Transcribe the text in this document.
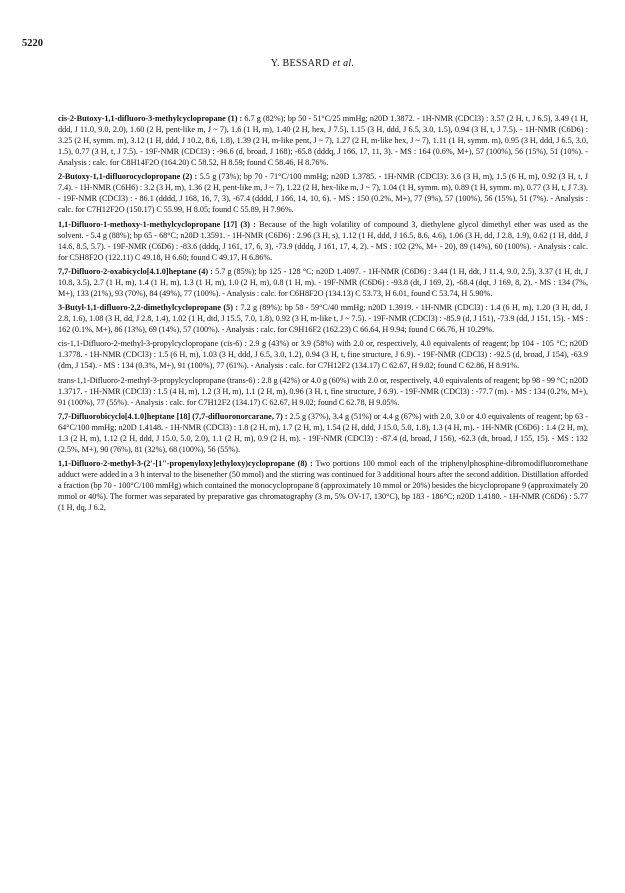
5220
Y. BESSARD et al.

cis-2-Butoxy-1,1-difluoro-3-methylcyclopropane (1) : 6.7 g (82%); bp 50 - 51°C/25 mmHg; n20D 1.3872. - 1H-NMR (CDCl3) : 3.57 (2 H, t, J 6.5), 3.49 (1 H, ddd, J 11.0, 9.0, 2.0), 1.60 (2 H, pent-like m, J ~ 7), 1.6 (1 H, m), 1.40 (2 H, hex, J 7.5), 1.15 (3 H, ddd, J 6.5, 3.0, 1.5), 0.94 (3 H, t, J 7.5). - 1H-NMR (C6D6) : 3.25 (2 H, symm. m), 3.12 (1 H, ddd, J 10.2, 8.6, 1.8), 1.39 (2 H, m-like pent, J ~ 7), 1.27 (2 H, m-like hex, J ~ 7), 1.11 (1 H, symm. m), 0.95 (3 H, ddd, J 6.5, 3.0, 1.5), 0.77 (3 H, t, J 7.5). - 19F-NMR (CDCl3) : -96.6 (d, broad, J 168); -65.8 (dddq, J 166, 17, 11, 3). - MS : 164 (0.6%, M+), 57 (100%), 56 (15%), 51 (10%). - Analysis : calc. for C8H14F2O (164.20) C 58.52, H 8.59; found C 58.46, H 8.76%.

2-Butoxy-1,1-difluorocyclopropane (2) : 5.5 g (73%); bp 70 - 71°C/100 mmHg; n20D 1.3785. - 1H-NMR (CDCl3): 3.6 (3 H, m), 1.5 (6 H, m), 0.92 (3 H, t, J 7.4). - 1H-NMR (C6H6) : 3.2 (3 H, m), 1.36 (2 H, pent-like m, J ~ 7), 1.22 (2 H, hex-like m, J ~ 7), 1.04 (1 H, symm. m), 0.89 (1 H, symm. m), 0.77 (3 H, t, J 7.3). - 19F-NMR (CDCl3) : - 86.1 (dddd, J 168, 16, 7, 3), -67.4 (dddd, J 166, 14, 10, 6). - MS : 150 (0.2%, M+), 77 (9%), 57 (100%), 56 (15%), 51 (7%). - Analysis : calc. for C7H12F2O (150.17) C 55.99, H 8.05; found C 55.89, H 7.96%.

1,1-Difluoro-1-methoxy-1-methylcyclopropane [17] (3) : Because of the high volatility of compound 3, diethylene glycol dimethyl ether was used as the solvent. - 5.4 g (88%); bp 65 - 68°C; n20D 1.3591. - 1H-NMR (C6D6) : 2.96 (3 H, s), 1.12 (1 H, ddd, J 16.5, 8.6, 4.6), 1.06 (3 H, dd, J 2.8, 1.9), 0.62 (1 H, ddd, J 14.6, 8.5, 5.7). - 19F-NMR (C6D6) : -83.6 (dddq, J 161, 17, 6, 3), -73.9 (dddq, J 161, 17, 4, 2). - MS : 102 (2%, M+ - 20), 89 (14%), 60 (100%). - Analysis : calc. for C5H8F2O (122.11) C 49.18, H 6.60; found C 49.17, H 6.86%.

7,7-Difluoro-2-oxabicyclo[4.1.0]heptane (4) : 5.7 g (85%); bp 125 - 128 °C; n20D 1.4097. - 1H-NMR (C6D6) : 3.44 (1 H, ddt, J 11.4, 9.0, 2.5), 3.37 (1 H, dt, J 10.8, 3.5), 2.7 (1 H, m), 1.4 (1 H, m), 1.3 (1 H, m), 1.0 (2 H, m), 0.8 (1 H, m). - 19F-NMR (C6D6) : -93.8 (dt, J 169, 2), -68.4 (dqt, J 169, 8, 2). - MS : 134 (7%, M+), 133 (21%), 93 (70%), 84 (49%), 77 (100%). - Analysis : calc. for C6H8F2O (134.13) C 53.73, H 6.01, found C 53.74, H 5.90%.

3-Butyl-1,1-difluoro-2,2-dimethylcyclopropane (5) : 7.2 g (89%); bp 58 - 59°C/40 mmHg; n20D 1.3919. - 1H-NMR (CDCl3) : 1.4 (6 H, m), 1.20 (3 H, dd, J 2.8, 1.6), 1.08 (3 H, dd, J 2.8, 1.4), 1.02 (1 H, dtd, J 15.5, 7.0, 1.8), 0.92 (3 H, m-like t, J ~ 7.5). - 19F-NMR (CDCl3) : -85.9 (d, J 151), -73.9 (dd, J 151, 15). - MS : 162 (0.1%, M+), 86 (13%), 69 (14%), 57 (100%). - Analysis : calc. for C9H16F2 (162.23) C 66.64, H 9.94; found C 66.76, H 10.29%.

cis-1,1-Difluoro-2-methyl-3-propylcyclopropane (cis-6) : 2.9 g (43%) or 3.9 (58%) with 2.0 or, respectively, 4.0 equivalents of reagent; bp 104 - 105 °C; n20D 1.3778. - 1H-NMR (CDCl3) : 1.5 (6 H, m), 1.03 (3 H, ddd, J 6.5, 3.0, 1.2), 0.94 (3 H, t, fine structure, J 6.9). - 19F-NMR (CDCl3) : -92.5 (d, broad, J 154), -63.9 (dm, J 154). - MS : 134 (0.3%, M+), 91 (100%), 77 (61%). - Analysis : calc. for C7H12F2 (134.17) C 62.67, H 9.02; found C 62.86, H 8.91%.

trans-1,1-Difluoro-2-methyl-3-propylcyclopropane (trans-6) : 2.8 g (42%) or 4.0 g (60%) with 2.0 or, respectively, 4.0 equivalents of reagent; bp 98 - 99 °C; n20D 1.3717. - 1H-NMR (CDCl3) : 1.5 (4 H, m), 1.2 (3 H, m), 1.1 (2 H, m), 0.96 (3 H, t, fine structure, J 6.9). - 19F-NMR (CDCl3) : -77.7 (m). - MS : 134 (0.2%, M+), 91 (100%), 77 (55%). - Analysis : calc. for C7H12F2 (134.17) C 62.67, H 9.02; found C 62.78, H 9.05%.

7,7-Difluorobicyclo[4.1.0]heptane [18] (7,7-difluoronorcarane, 7) : 2.5 g (37%), 3.4 g (51%) or 4.4 g (67%) with 2.0, 3.0 or 4.0 equivalents of reagent; bp 63 - 64°C/100 mmHg; n20D 1.4148. - 1H-NMR (CDCl3) : 1.8 (2 H, m), 1.7 (2 H, m), 1.54 (2 H, ddd, J 15.0, 5.0, 1.8), 1.3 (4 H, m). - 1H-NMR (C6D6) : 1.4 (2 H, m), 1.3 (2 H, m), 1.12 (2 H, ddd, J 15.0, 5.0, 2.0), 1.1 (2 H, m), 0.9 (2 H, m). - 19F-NMR (CDCl3) : -87.4 (d, broad, J 156), -62.3 (dt, broad, J 155, 15). - MS : 132 (2.5%, M+), 90 (76%), 81 (32%), 68 (100%), 56 (55%).

1,1-Difluoro-2-methyl-3-(2'-[1"-propenyloxy]ethyloxy)cyclopropane (8) : Two portions 100 mmol each of the triphenylphosphine-dibromodifluoromethane adduct were added in a 3 h interval to the bisenether (50 mmol) and the stirring was continued for 3 additional hours after the second addition. Distillation afforded a fraction (bp 70 - 100°C/100 mmHg) which contained the monocyclopropane 8 (approximately 10 mmol or 20%) besides the bicyclopropane 9 (approximately 20 mmol or 40%). The former was separated by preparative gas chromatography (3 m, 5% OV-17, 130°C), bp 183 - 186°C; n20D 1.4180. - 1H-NMR (C6D6) : 5.77 (1 H, dq, J 6.2,
